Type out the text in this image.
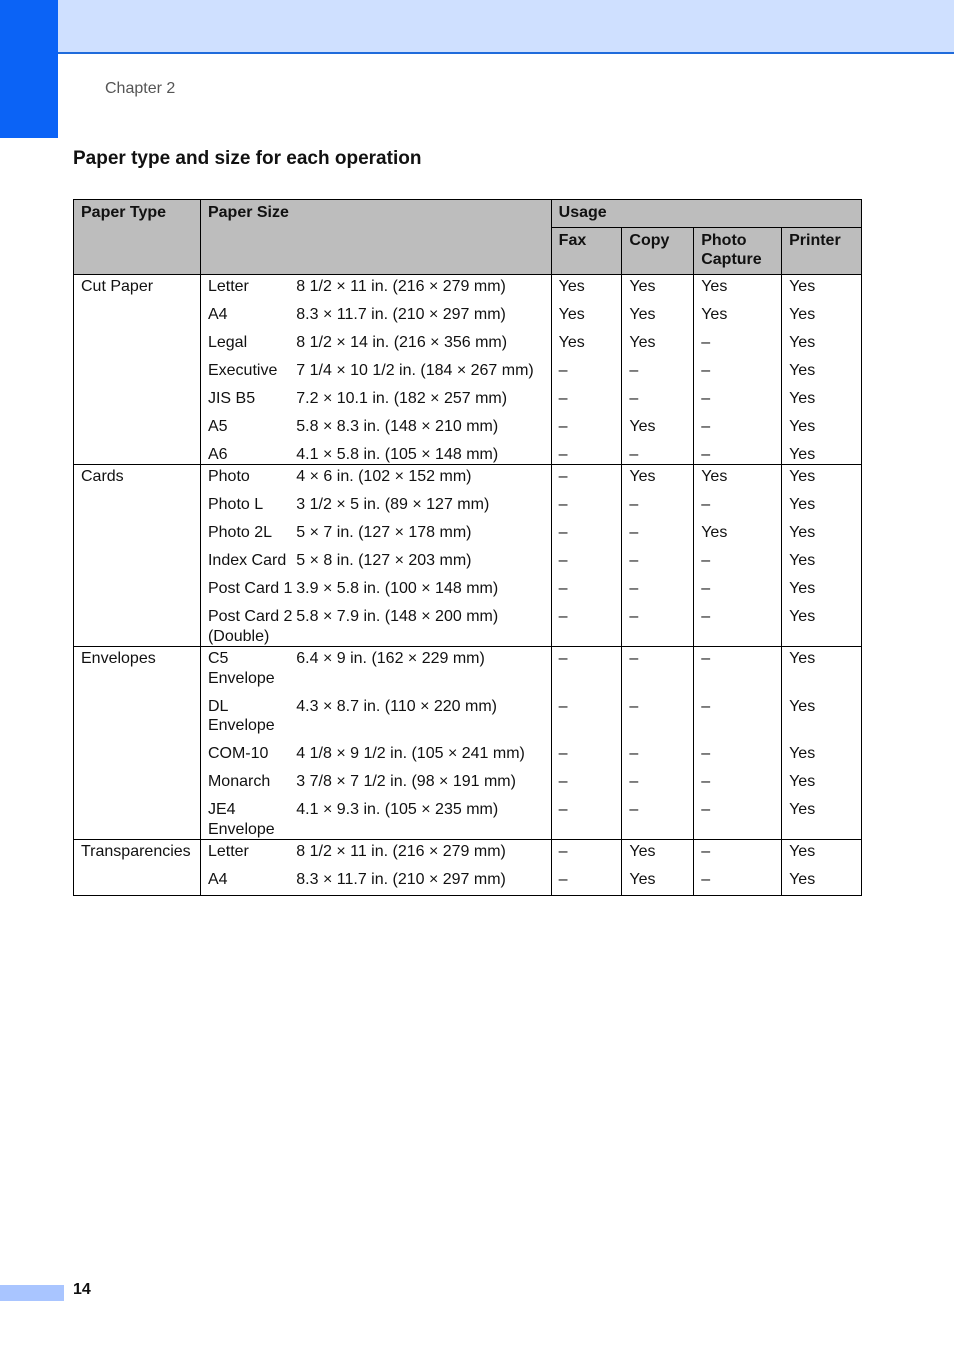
Chapter 2
Paper type and size for each operation
Paper Type	Paper Size		Usage			
			Fax	Copy	Photo Capture	Printer
Cut Paper	Letter	8 1/2 × 11 in. (216 × 279 mm)	Yes	Yes	Yes	Yes
	A4	8.3 × 11.7 in. (210 × 297 mm)	Yes	Yes	Yes	Yes
	Legal	8 1/2 × 14 in. (216 × 356 mm)	Yes	Yes	–	Yes
	Executive	7 1/4 × 10 1/2 in. (184 × 267 mm)	–	–	–	Yes
	JIS B5	7.2 × 10.1 in. (182 × 257 mm)	–	–	–	Yes
	A5	5.8 × 8.3 in. (148 × 210 mm)	–	Yes	–	Yes
	A6	4.1 × 5.8 in. (105 × 148 mm)	–	–	–	Yes
Cards	Photo	4 × 6 in. (102 × 152 mm)	–	Yes	Yes	Yes
	Photo L	3 1/2 × 5 in. (89 × 127 mm)	–	–	–	Yes
	Photo 2L	5 × 7 in. (127 × 178 mm)	–	–	Yes	Yes
	Index Card	5 × 8 in. (127 × 203 mm)	–	–	–	Yes
	Post Card 1	3.9 × 5.8 in. (100 × 148 mm)	–	–	–	Yes
	Post Card 2 (Double)	5.8 × 7.9 in. (148 × 200 mm)	–	–	–	Yes
Envelopes	C5 Envelope	6.4 × 9 in. (162 × 229 mm)	–	–	–	Yes
	DL Envelope	4.3 × 8.7 in. (110 × 220 mm)	–	–	–	Yes
	COM-10	4 1/8 × 9 1/2 in. (105 × 241 mm)	–	–	–	Yes
	Monarch	3 7/8 × 7 1/2 in. (98 × 191 mm)	–	–	–	Yes
	JE4 Envelope	4.1 × 9.3 in. (105 × 235 mm)	–	–	–	Yes
Transparencies	Letter	8 1/2 × 11 in. (216 × 279 mm)	–	Yes	–	Yes
	A4	8.3 × 11.7 in. (210 × 297 mm)	–	Yes	–	Yes
14
